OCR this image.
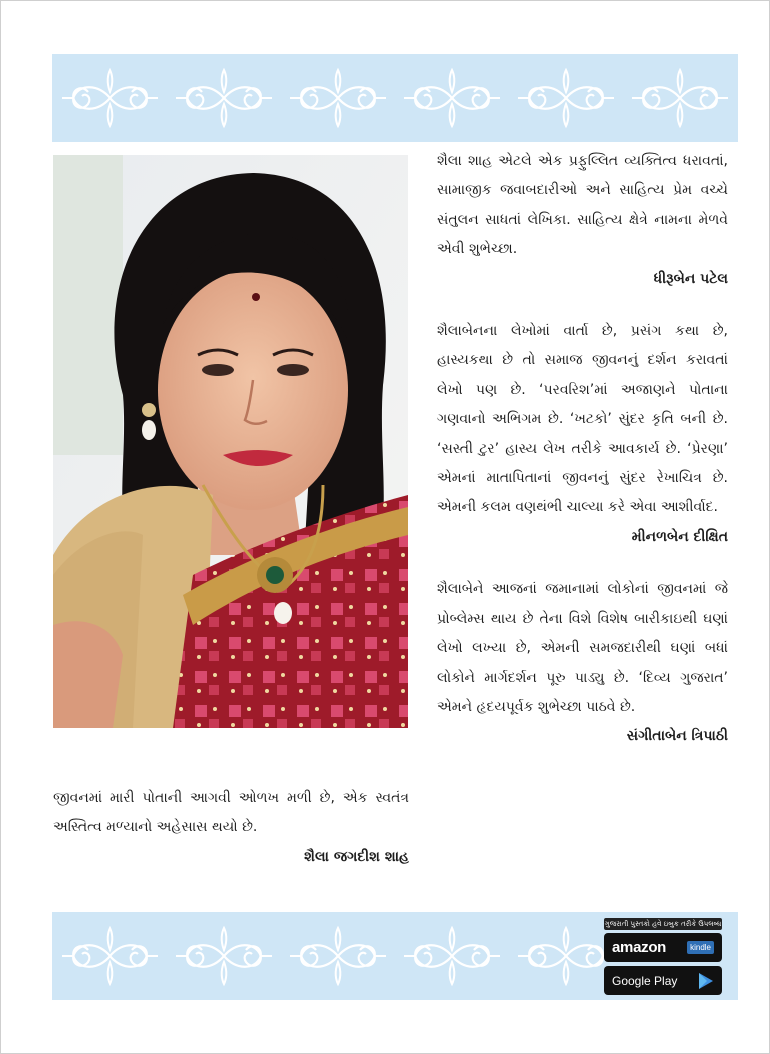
શૈલા શાહ એટલે એક પ્રફુલ્લિત વ્યક્તિત્વ ધરાવતાં, સામાજીક જવાબદારીઓ અને સાહિત્ય પ્રેમ વચ્ચે સંતુલન સાધતાં લેખિકા. સાહિત્ય ક્ષેત્રે નામના મેળવે એવી શુભેચ્છા.

ધીરૂબેન પટેલ

શૈલાબેનના લેખોમાં વાર્તા છે, પ્રસંગ કથા છે, હાસ્યકથા છે તો સમાજ જીવનનું દર્શન કરાવતાં લેખો પણ છે. ‘પરવરિશ’માં અજાણને પોતાના ગણવાનો અભિગમ છે. ‘ખટકો’ સુંદર કૃતિ બની છે. ‘સસ્તી ટુર’ હાસ્ય લેખ તરીકે આવકાર્ય છે. ‘પ્રેરણા’ એમનાં માતાપિતાનાં જીવનનું સુંદર રેખાચિત્ર છે. એમની કલમ વણથંભી ચાલ્યા કરે એવા આશીર્વાદ.

મીનળબેન દીક્ષિત

શૈલાબેને આજનાં જમાનામાં લોકોનાં જીવનમાં જે પ્રોબ્લેમ્સ થાય છે તેના વિશે વિશેષ બારીકાઇથી ઘણાં લેખો લખ્યા છે, એમની સમજદારીથી ઘણાં બધાં લોકોને માર્ગદર્શન પૂરુ પાડ્યુ છે. ‘દિવ્ય ગુજરાત’ એમને હૃદયપૂર્વક શુભેચ્છા પાઠવે છે.

સંગીતાબેન ત્રિપાઠી

જીવનમાં મારી પોતાની આગવી ઓળખ મળી છે, એક સ્વતંત્ર અસ્તિત્વ મળ્યાનો અહેસાસ થયો છે.

શૈલા જગદીશ શાહ

ગુજરાતી પુસ્તકો હવે ઇબુક તરીકે ઉપલબ્ધ
amazon	kindle
Google Play
